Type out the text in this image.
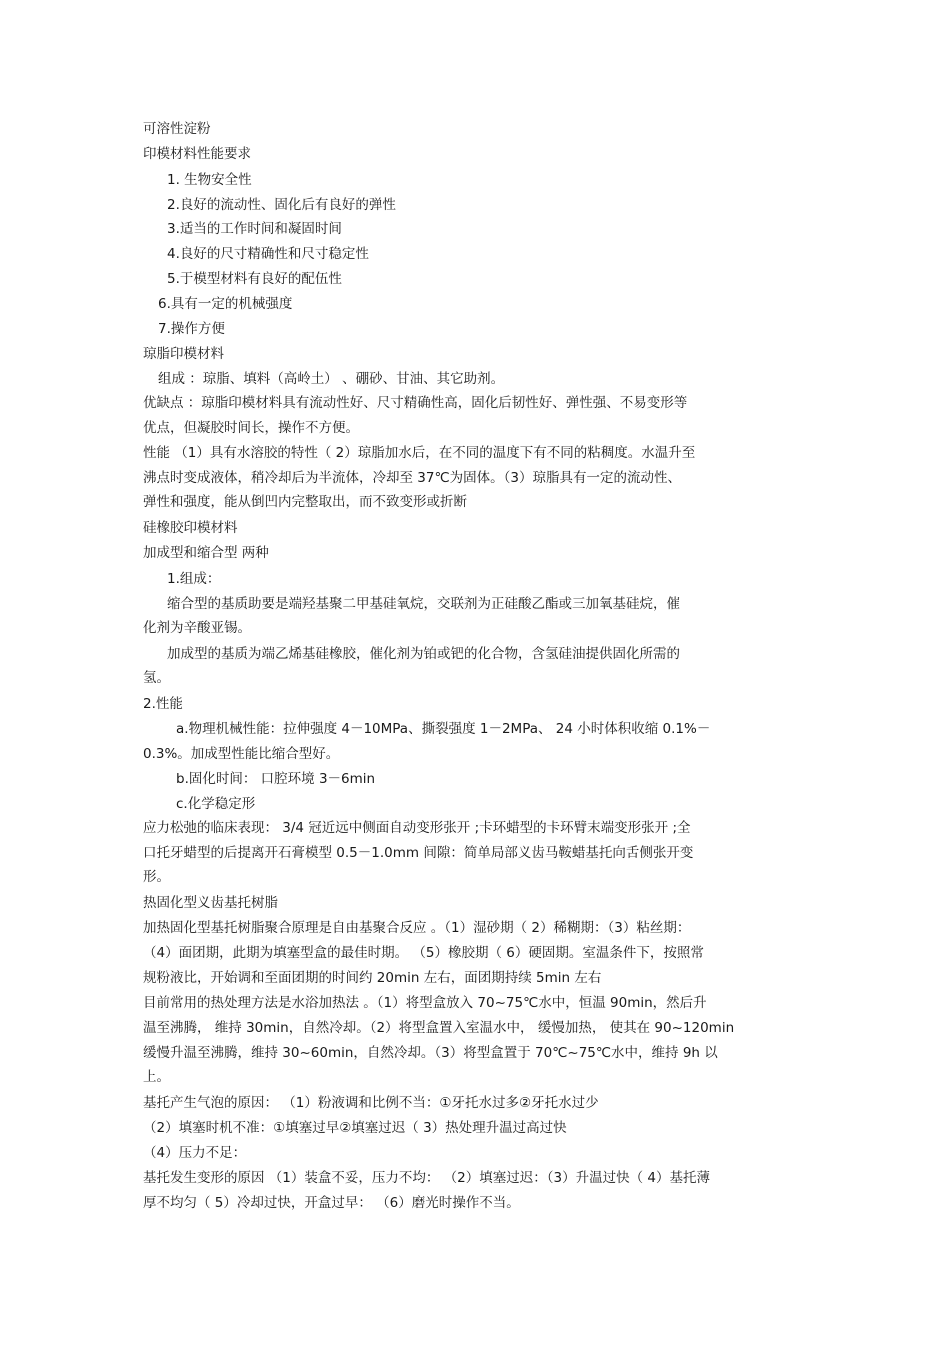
可溶性淀粉
印模材料性能要求
1. 生物安全性
2.良好的流动性、固化后有良好的弹性
3.适当的工作时间和凝固时间
4.良好的尺寸精确性和尺寸稳定性
5.于模型材料有良好的配伍性
6.具有一定的机械强度
7.操作方便
琼脂印模材料
组成 ：琼脂、填料（高岭土） 、硼砂、甘油、其它助剂。
优缺点 ：琼脂印模材料具有流动性好、尺寸精确性高，固化后韧性好、弹性强、不易变形等
优点，但凝胶时间长，操作不方便。
性能 （1）具有水溶胶的特性（ 2）琼脂加水后，在不同的温度下有不同的粘稠度。水温升至
沸点时变成液体，稍冷却后为半流体，冷却至 37℃为固体。（3）琼脂具有一定的流动性、
弹性和强度，能从倒凹内完整取出，而不致变形或折断
硅橡胶印模材料
加成型和缩合型 两种
1.组成：
缩合型的基质助要是端羟基聚二甲基硅氧烷，交联剂为正硅酸乙酯或三加氧基硅烷，催
化剂为辛酸亚锡。
加成型的基质为端乙烯基硅橡胶，催化剂为铂或钯的化合物，含氢硅油提供固化所需的
氢。
2.性能
a.物理机械性能：拉伸强度 4－10MPa、撕裂强度 1－2MPa、 24 小时体积收缩 0.1%－
0.3%。加成型性能比缩合型好。
b.固化时间： 口腔环境 3－6min
c.化学稳定形
应力松弛的临床表现： 3/4 冠近远中侧面自动变形张开 ;卡环蜡型的卡环臂末端变形张开 ;全
口托牙蜡型的后提离开石膏模型 0.5－1.0mm 间隙：简单局部义齿马鞍蜡基托向舌侧张开变
形。
热固化型义齿基托树脂
加热固化型基托树脂聚合原理是自由基聚合反应 。（1）湿砂期（ 2）稀糊期：（3）粘丝期：
（4）面团期，此期为填塞型盒的最佳时期。 （5）橡胶期（ 6）硬固期。室温条件下，按照常
规粉液比，开始调和至面团期的时间约 20min 左右，面团期持续 5min 左右
目前常用的热处理方法是水浴加热法 。（1）将型盒放入 70~75℃水中，恒温 90min，然后升
温至沸腾， 维持 30min，自然冷却。（2）将型盒置入室温水中， 缓慢加热， 使其在 90~120min
缓慢升温至沸腾，维持 30~60min，自然冷却。（3）将型盒置于 70℃~75℃水中，维持 9h 以
上。
基托产生气泡的原因： （1）粉液调和比例不当：①牙托水过多②牙托水过少
（2）填塞时机不准：①填塞过早②填塞过迟（ 3）热处理升温过高过快
（4）压力不足：
基托发生变形的原因 （1）装盒不妥，压力不均： （2）填塞过迟：（3）升温过快（ 4）基托薄
厚不均匀（ 5）冷却过快，开盒过早： （6）磨光时操作不当。
